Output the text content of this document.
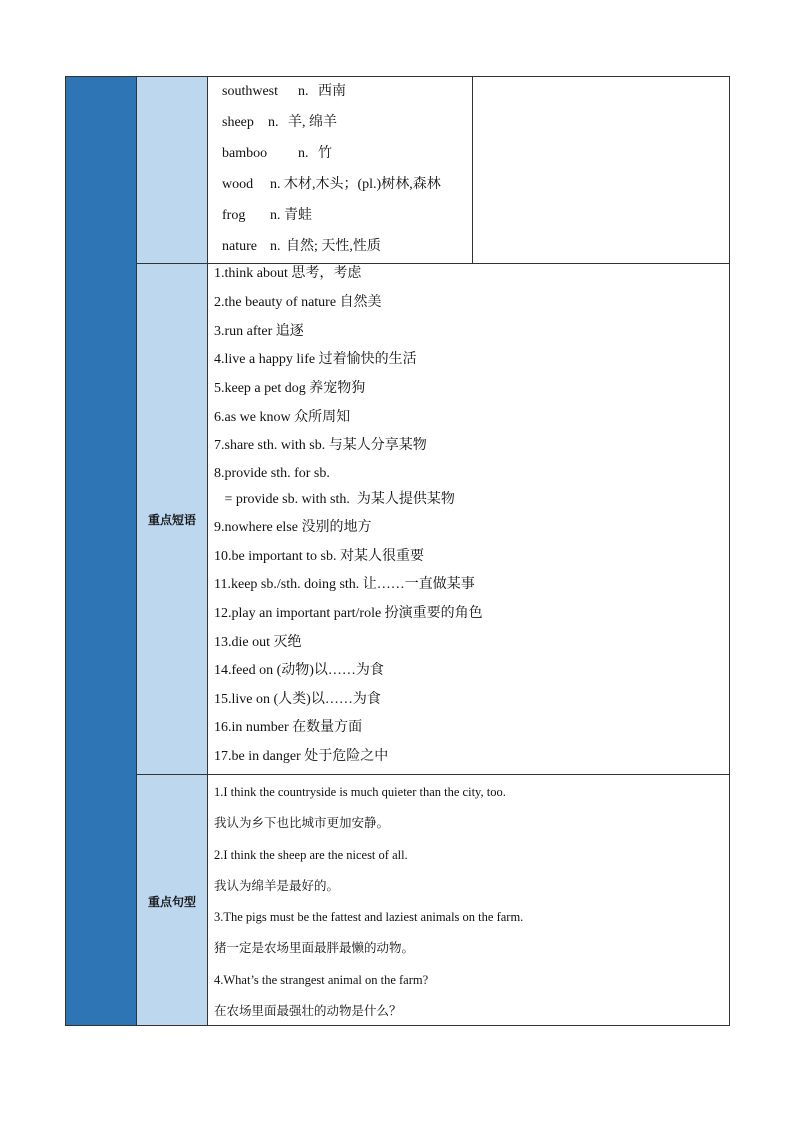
southwest n. 西南
sheep n. 羊, 绵羊
bamboo n. 竹
wood n. 木材,木头；(pl.)树林,森林
frog n. 青蛙
nature n. 自然; 天性,性质
重点短语
1.think about 思考，考虑
2.the beauty of nature 自然美
3.run after 追逐
4.live a happy life 过着愉快的生活
5.keep a pet dog 养宠物狗
6.as we know 众所周知
7.share sth. with sb. 与某人分享某物
8.provide sth. for sb.
= provide sb. with sth.  为某人提供某物
9.nowhere else 没别的地方
10.be important to sb. 对某人很重要
11.keep sb./sth. doing sth. 让……一直做某事
12.play an important part/role 扮演重要的角色
13.die out 灭绝
14.feed on (动物)以……为食
15.live on (人类)以……为食
16.in number 在数量方面
17.be in danger 处于危险之中
重点句型
1.I think the countryside is much quieter than the city, too.
我认为乡下也比城市更加安静。
2.I think the sheep are the nicest of all.
我认为绵羊是最好的。
3.The pigs must be the fattest and laziest animals on the farm.
猪一定是农场里面最胖最懒的动物。
4.What’s the strangest animal on the farm?
在农场里面最强壮的动物是什么？
